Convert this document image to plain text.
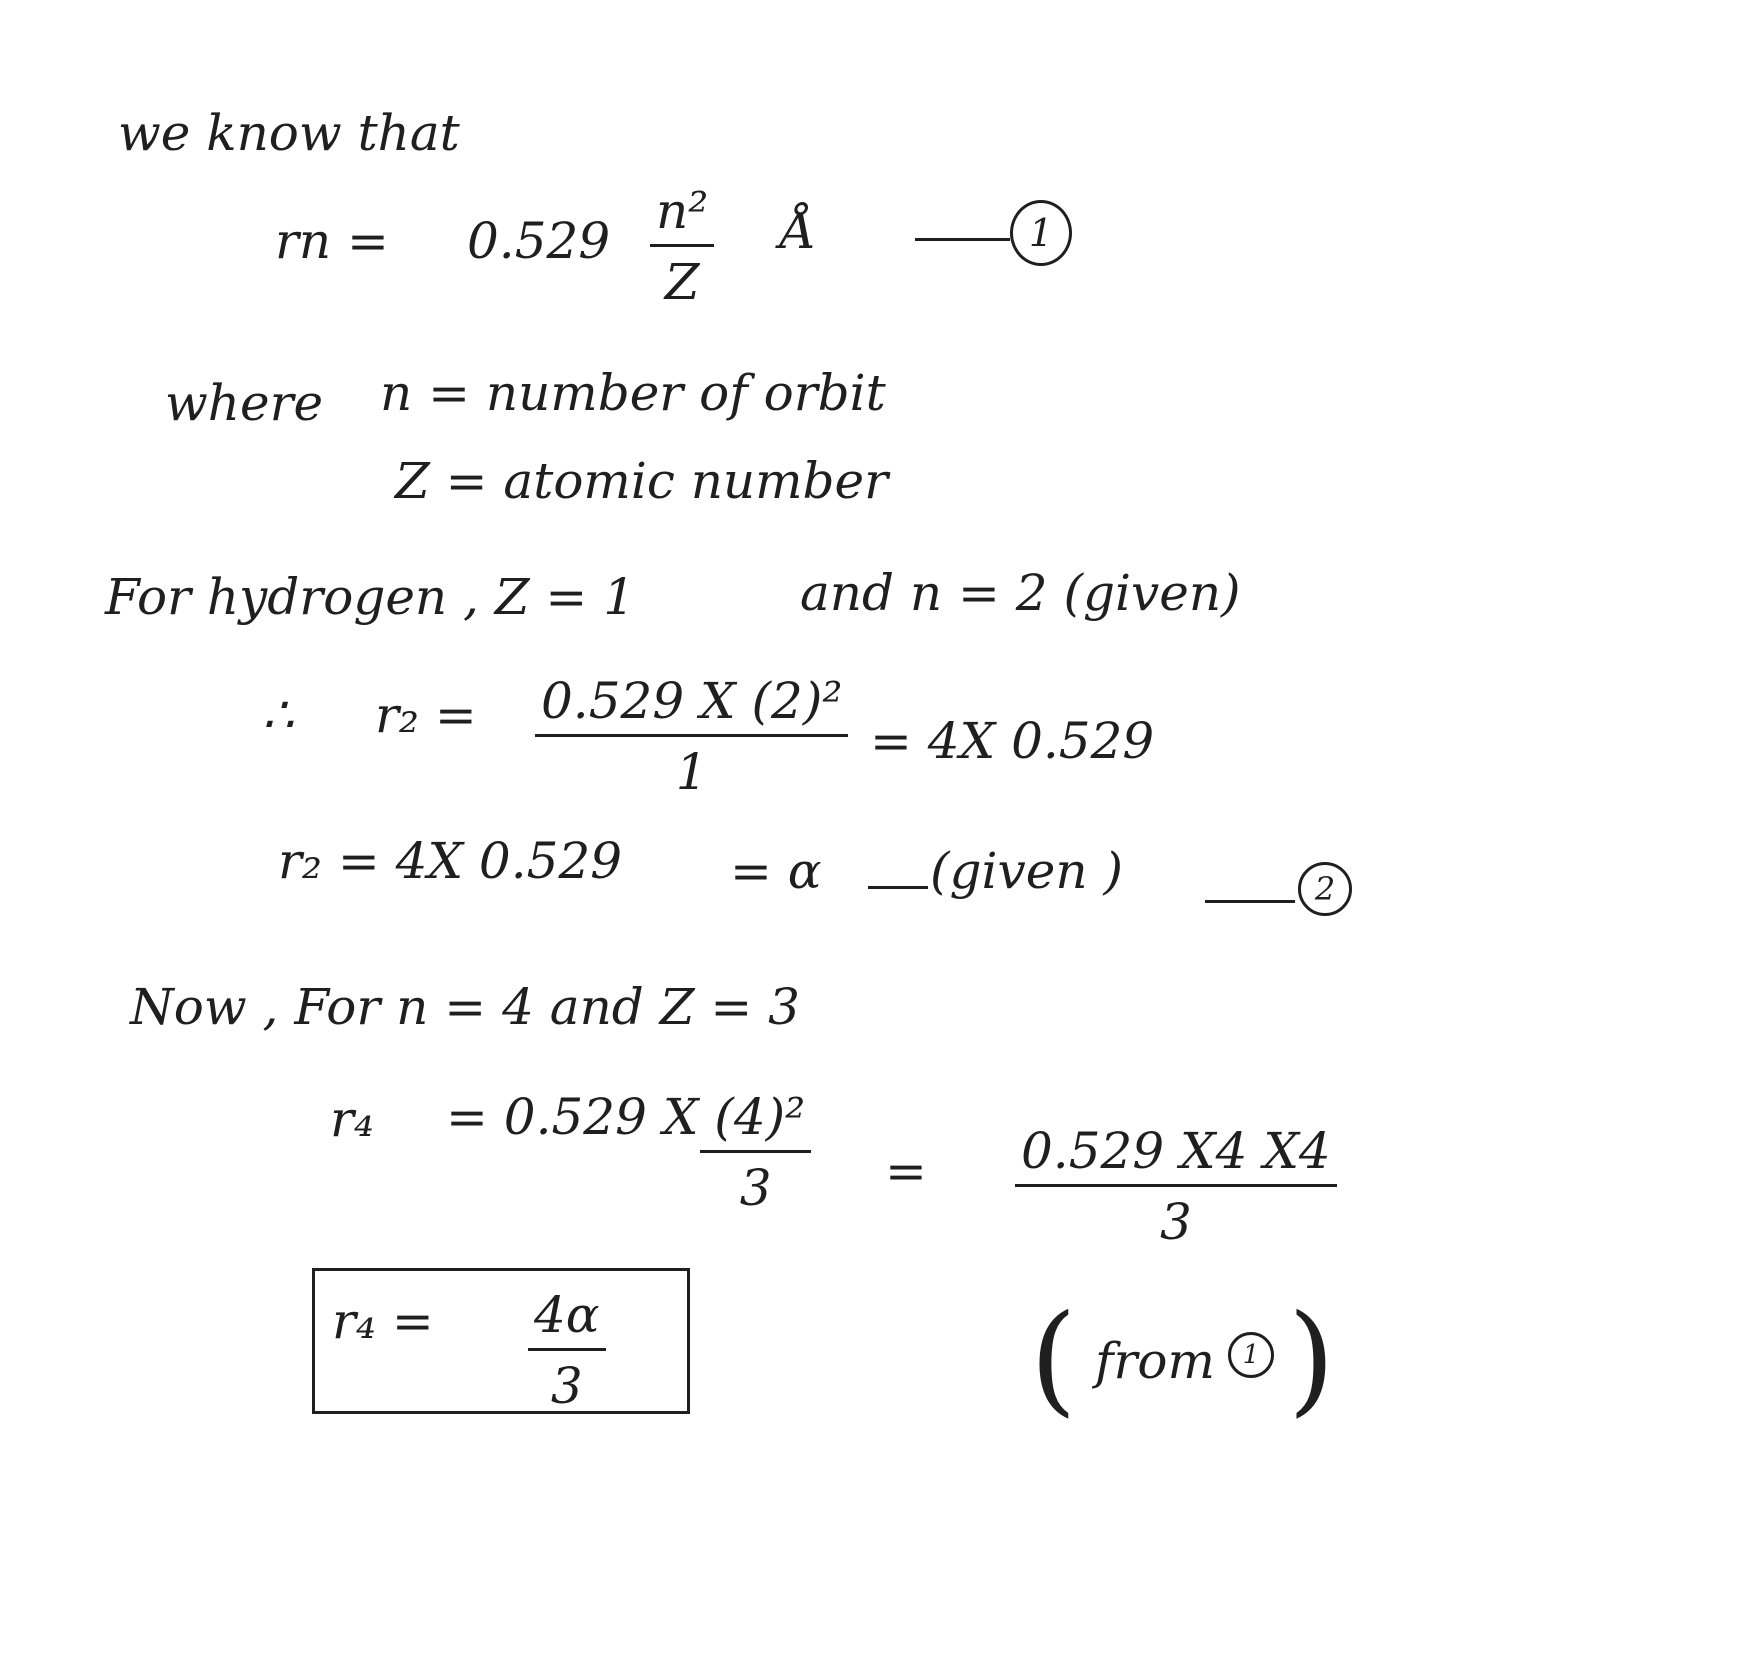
we know that
rn = 0.529
n²
Z
Å	1
where n = number of orbit
Z = atomic number
For hydrogen , Z = 1	and n = 2 (given)
∴ r₂ = 0.529 X (2)²
1
= 4X 0.529
r₂ = 4X 0.529 = α (given )	2
Now , For n = 4 and Z = 3
r₄ = 0.529 X (4)²
3 = 0.529 X4 X4
3
r₄ = 4α
3	( from	1 )
